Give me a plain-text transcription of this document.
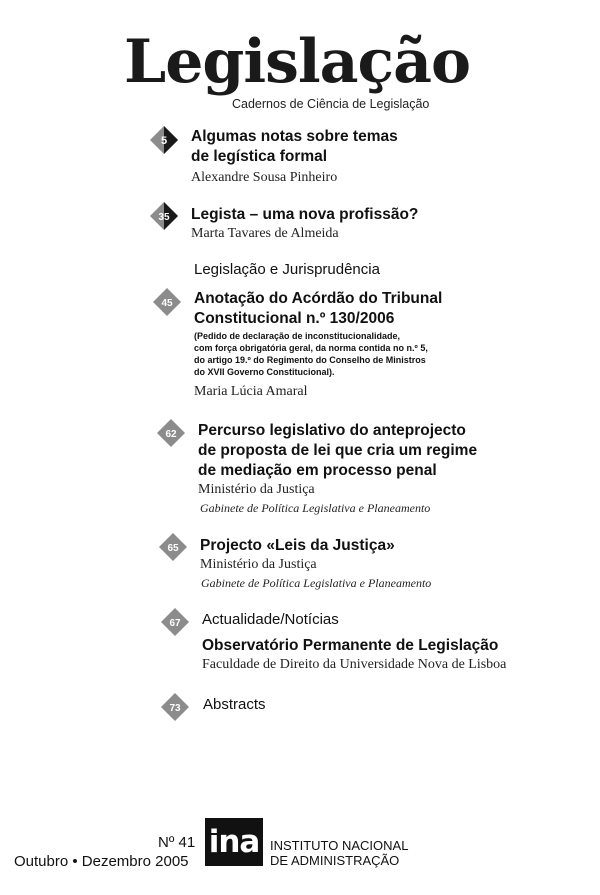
Legislação
Cadernos de Ciência de Legislação
5 Algumas notas sobre temas
de legística formal
Alexandre Sousa Pinheiro
35 Legista – uma nova profissão?
Marta Tavares de Almeida
Legislação e Jurisprudência
45 Anotação do Acórdão do Tribunal
Constitucional n.º 130/2006
(Pedido de declaração de inconstitucionalidade,
com força obrigatória geral, da norma contida no n.º 5,
do artigo 19.º do Regimento do Conselho de Ministros
do XVII Governo Constitucional).
Maria Lúcia Amaral
62 Percurso legislativo do anteprojecto
de proposta de lei que cria um regime
de mediação em processo penal
Ministério da Justiça
Gabinete de Política Legislativa e Planeamento
65 Projecto «Leis da Justiça»
Ministério da Justiça
Gabinete de Política Legislativa e Planeamento
67 Actualidade/Notícias
Observatório Permanente de Legislação
Faculdade de Direito da Universidade Nova de Lisboa
73 Abstracts
Nº 41
Outubro • Dezembro 2005
ina INSTITUTO NACIONAL
DE ADMINISTRAÇÃO
